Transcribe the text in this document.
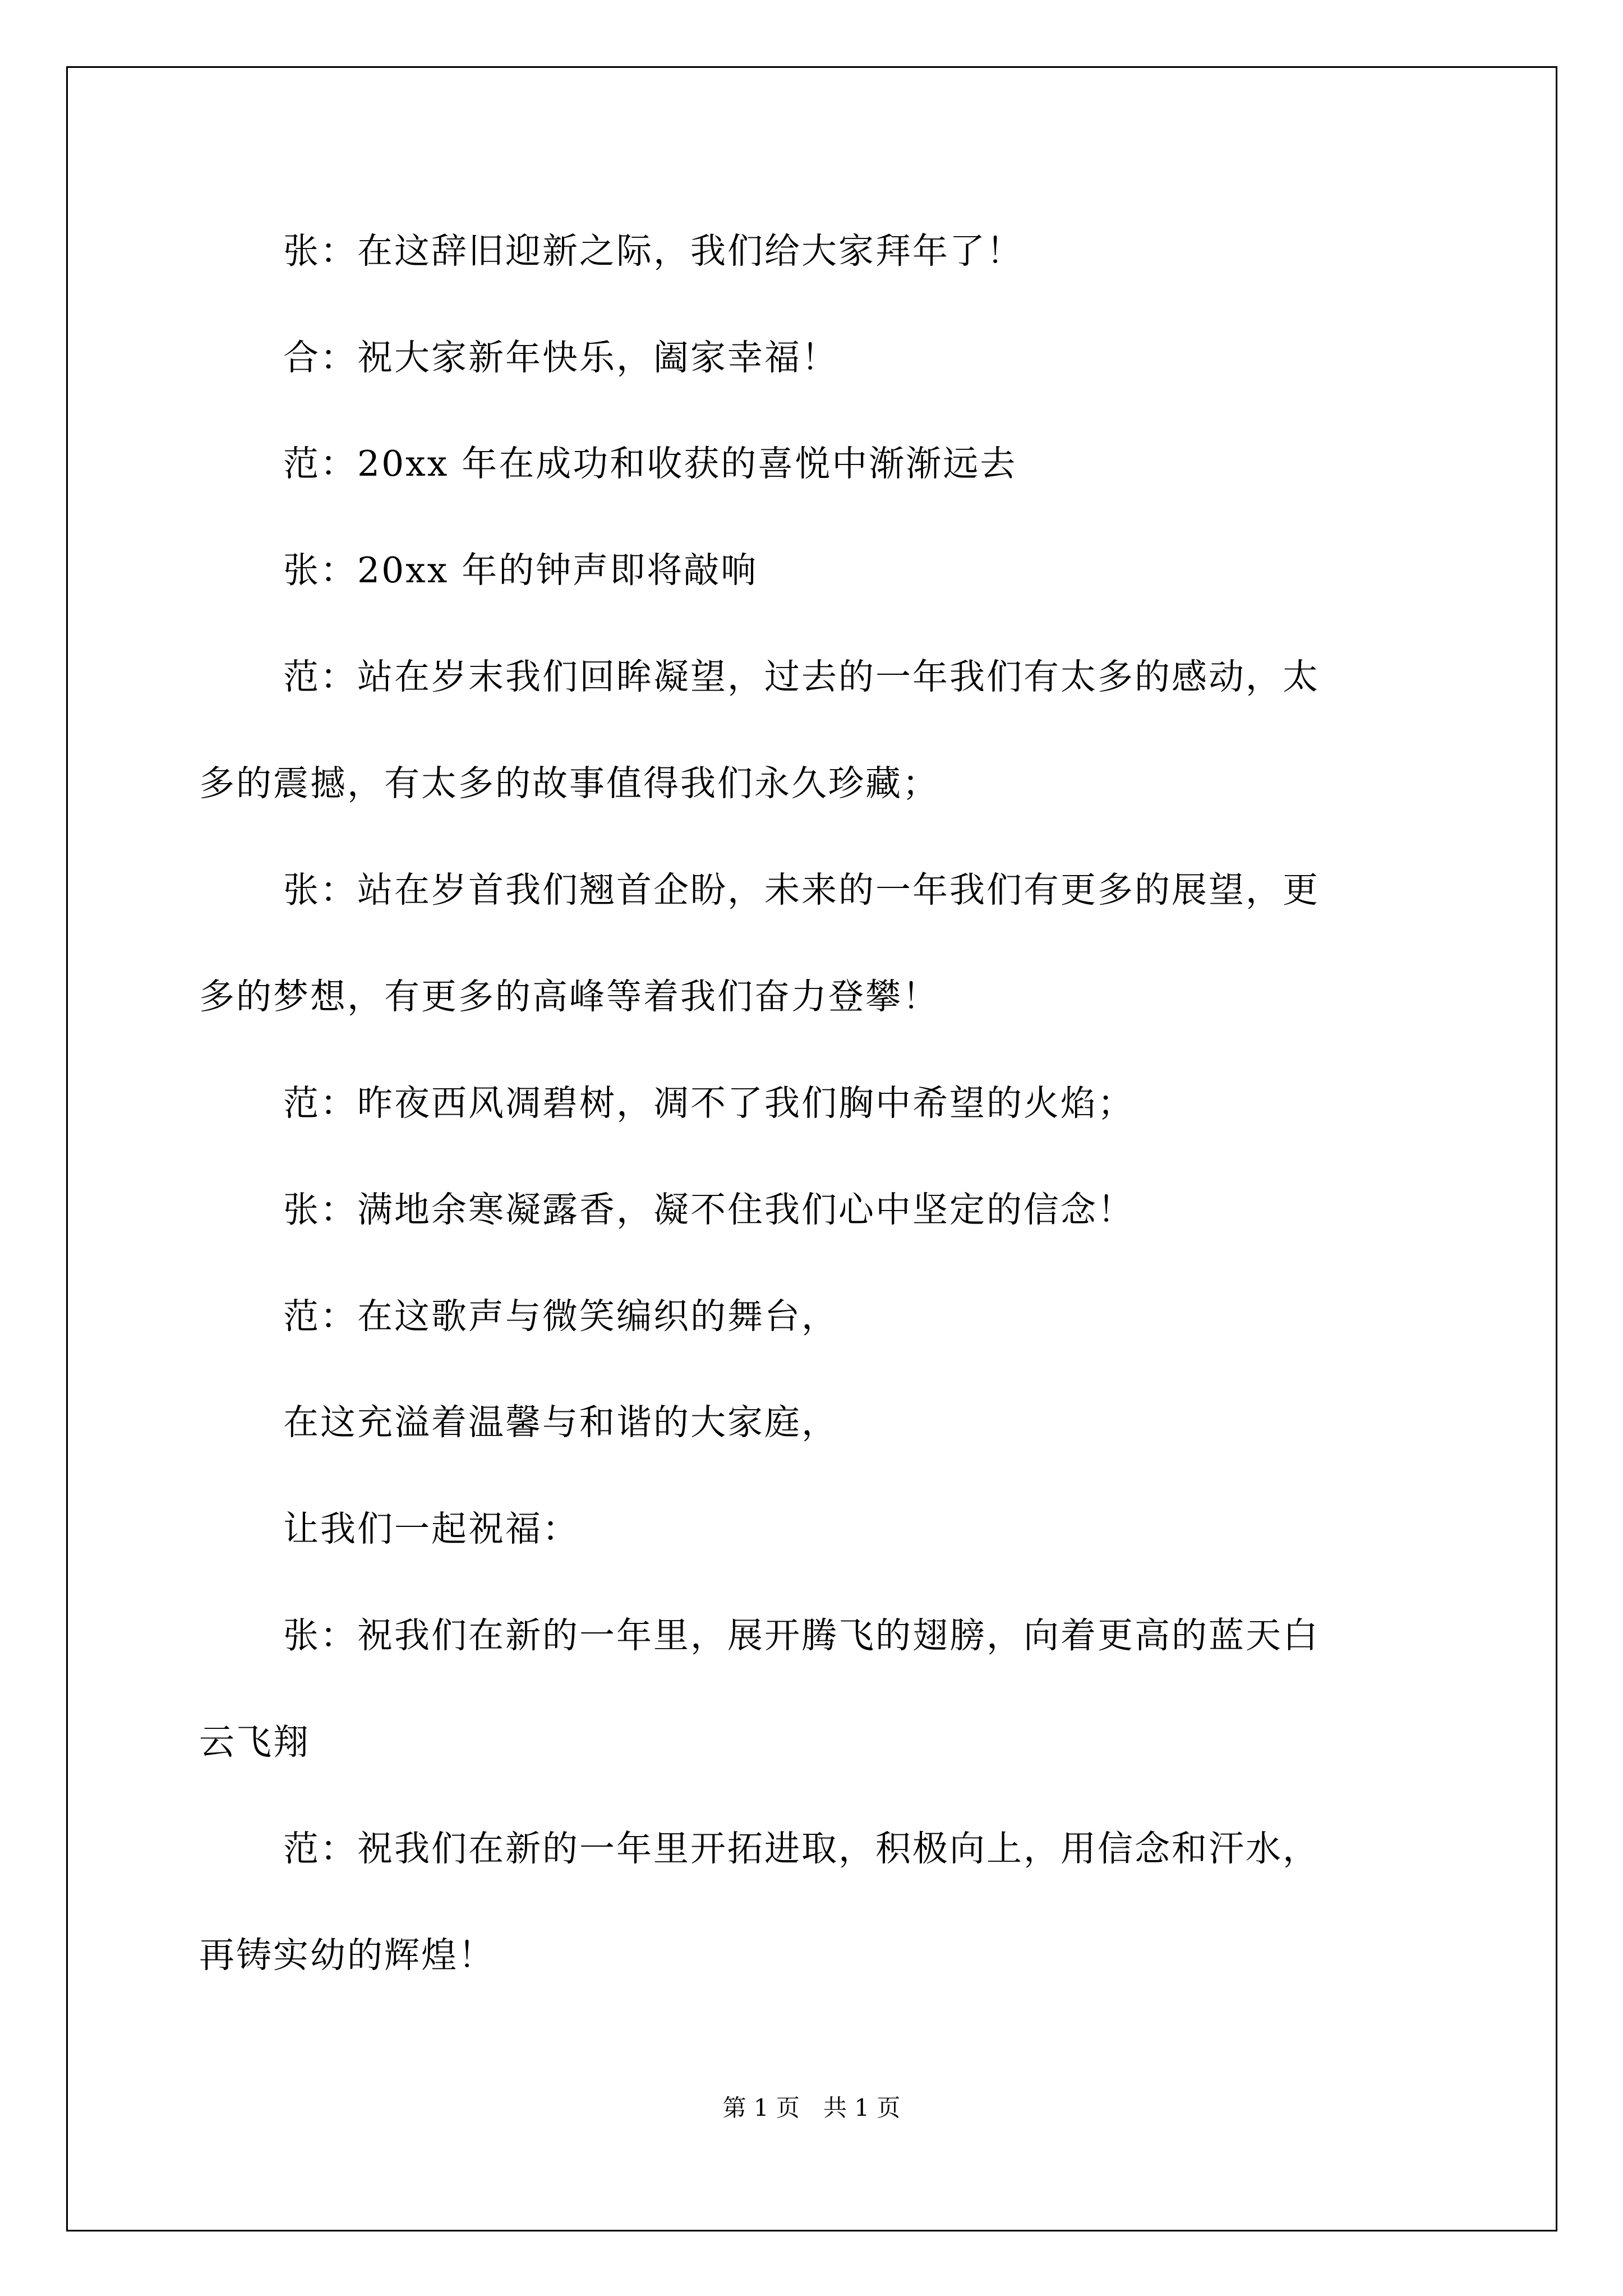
张：在这辞旧迎新之际，我们给大家拜年了！
合：祝大家新年快乐，阖家幸福！
范：20xx 年在成功和收获的喜悦中渐渐远去
张：20xx 年的钟声即将敲响
范：站在岁末我们回眸凝望，过去的一年我们有太多的感动，太
多的震撼，有太多的故事值得我们永久珍藏；
张：站在岁首我们翘首企盼，未来的一年我们有更多的展望，更
多的梦想，有更多的高峰等着我们奋力登攀！
范：昨夜西风凋碧树，凋不了我们胸中希望的火焰；
张：满地余寒凝露香，凝不住我们心中坚定的信念！
范：在这歌声与微笑编织的舞台，
在这充溢着温馨与和谐的大家庭，
让我们一起祝福：
张：祝我们在新的一年里，展开腾飞的翅膀，向着更高的蓝天白
云飞翔
范：祝我们在新的一年里开拓进取，积极向上，用信念和汗水，
再铸实幼的辉煌！
第 1 页　共 1 页
